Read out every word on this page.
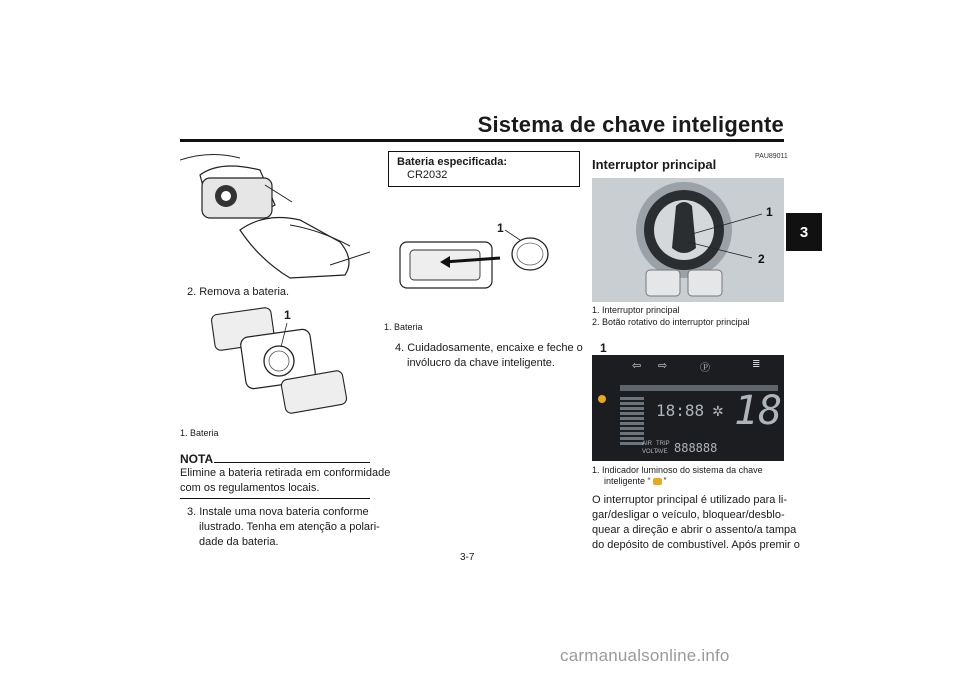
Sistema de chave inteligente
3
2. Remova a bateria.
1
1. Bateria
NOTA
Elimine a bateria retirada em conformidade
com os regulamentos locais.
3. Instale uma nova bateria conforme
ilustrado. Tenha em atenção a polari-
dade da bateria.
Bateria especificada:
CR2032
1
1. Bateria
4. Cuidadosamente, encaixe e feche o
invólucro da chave inteligente.
PAU89011
Interruptor principal
1
2
1. Interruptor principal
2. Botão rotativo do interruptor principal
1
⇦ ⇨	Ⓟ	≣
18:88 ✲ 18
AIR TRIP
VOLT
AVE 888888
1. Indicador luminoso do sistema da chave
inteligente “ ”
O interruptor principal é utilizado para li-
gar/desligar o veículo, bloquear/desblo-
quear a direção e abrir o assento/a tampa
do depósito de combustível. Após premir o
3-7
carmanualsonline.info
